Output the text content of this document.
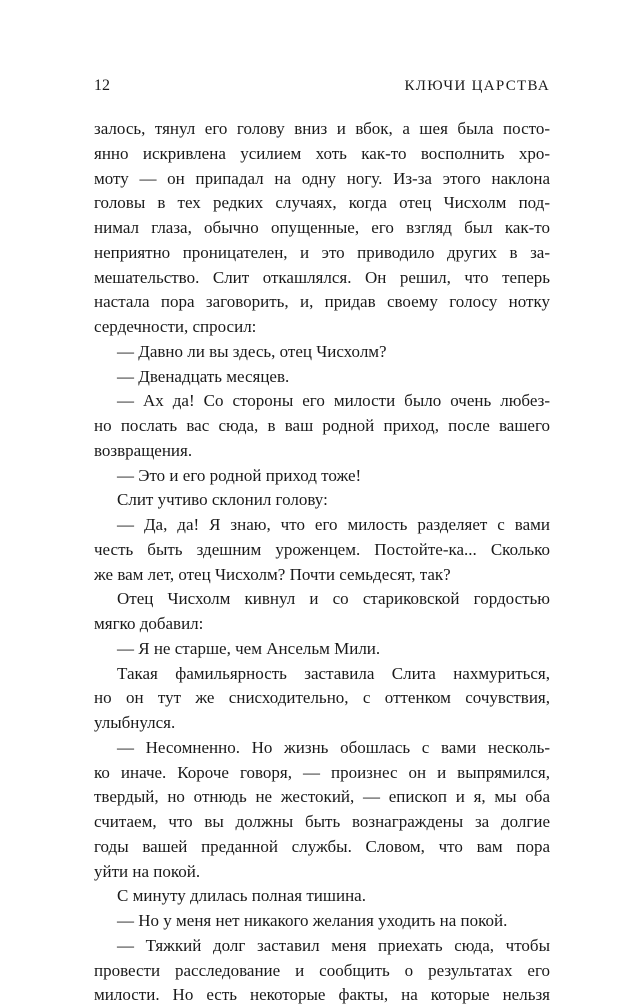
12	КЛЮЧИ ЦАРСТВА
залось, тянул его голову вниз и вбок, а шея была посто-
янно искривлена усилием хоть как-то восполнить хро-
моту — он припадал на одну ногу. Из-за этого наклона
головы в тех редких случаях, когда отец Чисхолм под-
нимал глаза, обычно опущенные, его взгляд был как-то
неприятно проницателен, и это приводило других в за-
мешательство. Слит откашлялся. Он решил, что теперь
настала пора заговорить, и, придав своему голосу нотку
сердечности, спросил:
— Давно ли вы здесь, отец Чисхолм?
— Двенадцать месяцев.
— Ах да! Со стороны его милости было очень любез-
но послать вас сюда, в ваш родной приход, после вашего
возвращения.
— Это и его родной приход тоже!
Слит учтиво склонил голову:
— Да, да! Я знаю, что его милость разделяет с вами
честь быть здешним уроженцем. Постойте-ка... Сколько
же вам лет, отец Чисхолм? Почти семьдесят, так?
Отец Чисхолм кивнул и со стариковской гордостью
мягко добавил:
— Я не старше, чем Ансельм Мили.
Такая фамильярность заставила Слита нахмуриться,
но он тут же снисходительно, с оттенком сочувствия,
улыбнулся.
— Несомненно. Но жизнь обошлась с вами несколь-
ко иначе. Короче говоря, — произнес он и выпрямился,
твердый, но отнюдь не жестокий, — епископ и я, мы оба
считаем, что вы должны быть вознаграждены за долгие
годы вашей преданной службы. Словом, что вам пора
уйти на покой.
С минуту длилась полная тишина.
— Но у меня нет никакого желания уходить на покой.
— Тяжкий долг заставил меня приехать сюда, чтобы
провести расследование и сообщить о результатах его
милости. Но есть некоторые факты, на которые нельзя
